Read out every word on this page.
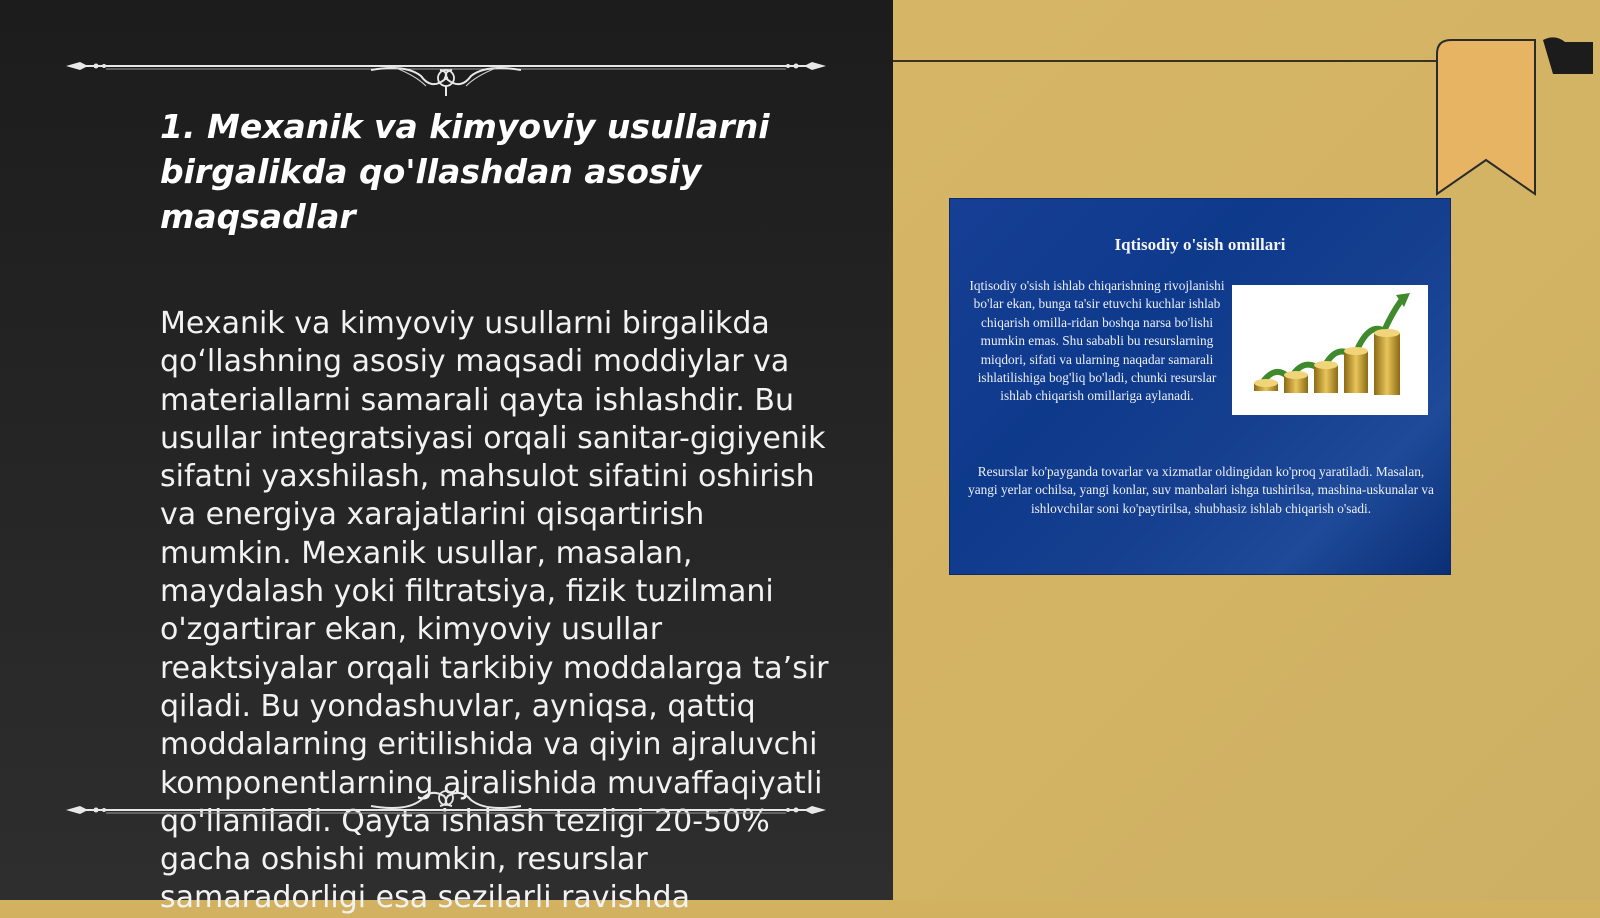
1. Mexanik va kimyoviy usullarni birgalikda qo'llashdan asosiy maqsadlar

Mexanik va kimyoviy usullarni birgalikda qo‘llashning asosiy maqsadi moddiylar va materiallarni samarali qayta ishlashdir. Bu usullar integratsiyasi orqali sanitar-gigiyenik sifatni yaxshilash, mahsulot sifatini oshirish va energiya xarajatlarini qisqartirish mumkin. Mexanik usullar, masalan, maydalash yoki filtratsiya, fizik tuzilmani o'zgartirar ekan, kimyoviy usullar reaktsiyalar orqali tarkibiy moddalarga ta’sir qiladi. Bu yondashuvlar, ayniqsa, qattiq moddalarning eritilishida va qiyin ajraluvchi komponentlarning ajralishida muvaffaqiyatli qo'llaniladi. Qayta ishlash tezligi 20-50% gacha oshishi mumkin, resurslar samaradorligi esa sezilarli ravishda

Iqtisodiy o'sish omillari
Iqtisodiy o'sish ishlab chiqarishning rivojlanishi bo'lar ekan, bunga ta'sir etuvchi kuchlar ishlab chiqarish omilla-ridan boshqa narsa bo'lishi mumkin emas. Shu sababli bu resurslarning miqdori, sifati va ularning naqadar samarali ishlatilishiga bog'liq bo'ladi, chunki resurslar ishlab chiqarish omillariga aylanadi.
Resurslar ko'payganda tovarlar va xizmatlar oldingidan ko'proq yaratiladi. Masalan, yangi yerlar ochilsa, yangi konlar, suv manbalari ishga tushirilsa, mashina-uskunalar va ishlovchilar soni ko'paytirilsa, shubhasiz ishlab chiqarish o'sadi.
